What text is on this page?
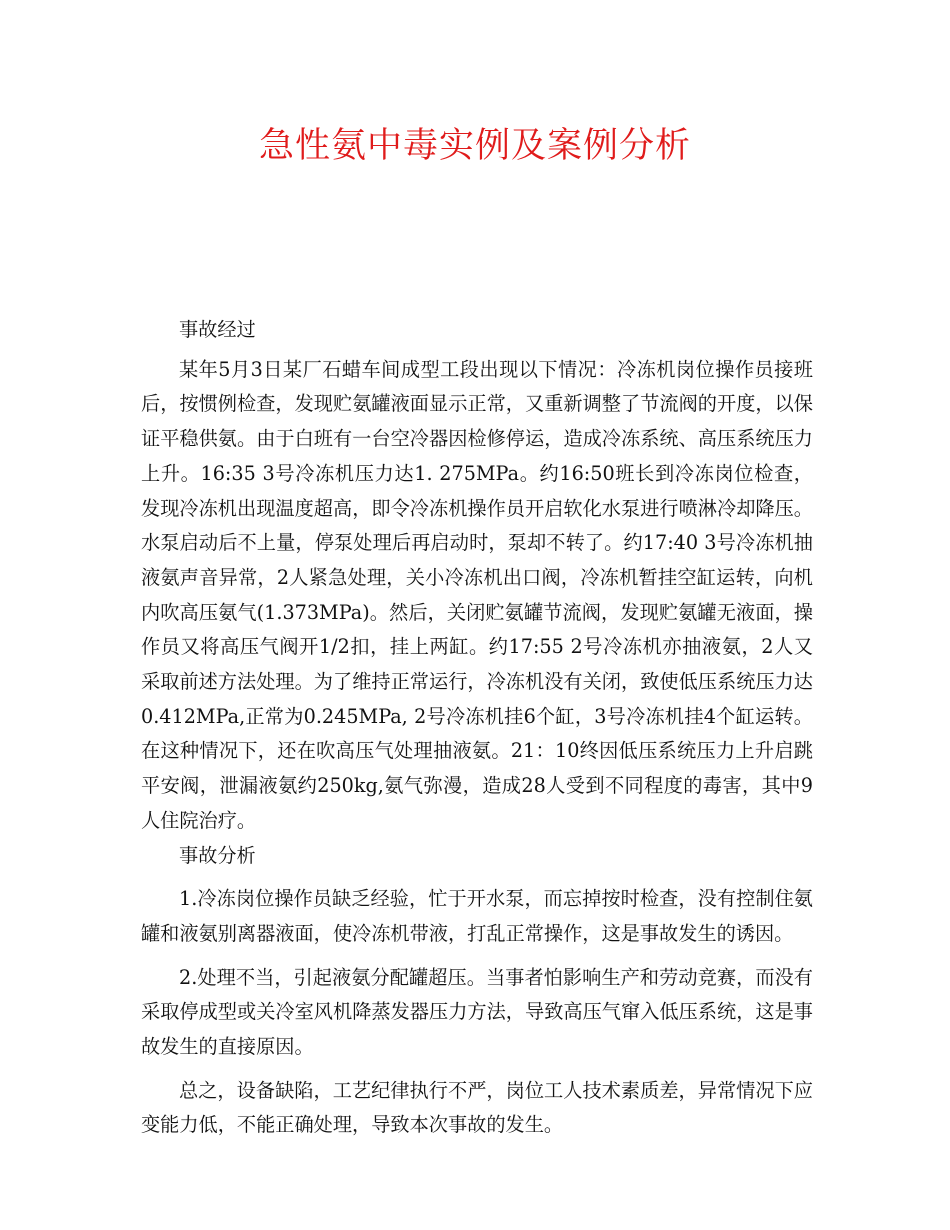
急性氨中毒实例及案例分析

事故经过

某年5月3日某厂石蜡车间成型工段出现以下情况：冷冻机岗位操作员接班后，按惯例检查，发现贮氨罐液面显示正常，又重新调整了节流阀的开度，以保证平稳供氨。由于白班有一台空冷器因检修停运，造成冷冻系统、高压系统压力上升。16:35 3号冷冻机压力达1. 275MPa。约16:50班长到冷冻岗位检查，发现冷冻机出现温度超高，即令冷冻机操作员开启软化水泵进行喷淋冷却降压。水泵启动后不上量，停泵处理后再启动时，泵却不转了。约17:40 3号冷冻机抽液氨声音异常，2人紧急处理，关小冷冻机出口阀，冷冻机暂挂空缸运转，向机内吹高压氨气(1.373MPa)。然后，关闭贮氨罐节流阀，发现贮氨罐无液面，操作员又将高压气阀开1/2扣，挂上两缸。约17:55 2号冷冻机亦抽液氨，2人又采取前述方法处理。为了维持正常运行，冷冻机没有关闭，致使低压系统压力达0.412MPa,正常为0.245MPa, 2号冷冻机挂6个缸，3号冷冻机挂4个缸运转。在这种情况下，还在吹高压气处理抽液氨。21：10终因低压系统压力上升启跳平安阀，泄漏液氨约250kg,氨气弥漫，造成28人受到不同程度的毒害，其中9人住院治疗。

事故分析

1.冷冻岗位操作员缺乏经验，忙于开水泵，而忘掉按时检查，没有控制住氨罐和液氨别离器液面，使冷冻机带液，打乱正常操作，这是事故发生的诱因。

2.处理不当，引起液氨分配罐超压。当事者怕影响生产和劳动竞赛，而没有采取停成型或关冷室风机降蒸发器压力方法，导致高压气窜入低压系统，这是事故发生的直接原因。

总之，设备缺陷，工艺纪律执行不严，岗位工人技术素质差，异常情况下应变能力低，不能正确处理，导致本次事故的发生。
